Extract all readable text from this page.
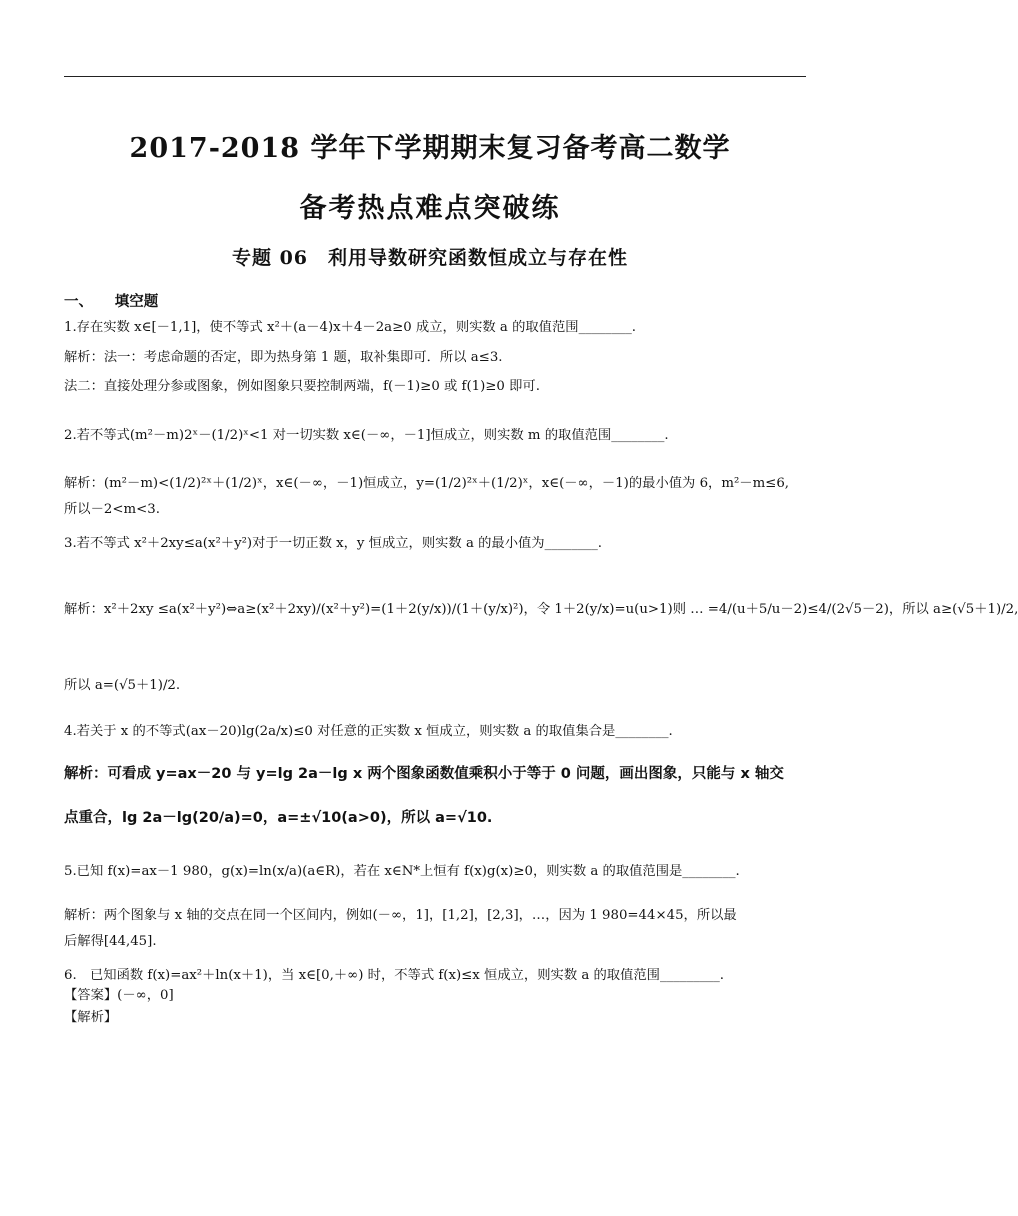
2017-2018 学年下学期期末复习备考高二数学
备考热点难点突破练
专题 06　利用导数研究函数恒成立与存在性
一、　　填空题
1.存在实数 x∈[－1,1]，使不等式 x²＋(a－4)x＋4－2a≥0 成立，则实数 a 的取值范围________.
解析：法一：考虑命题的否定，即为热身第 1 题，取补集即可．所以 a≤3.
法二：直接处理分参或图象，例如图象只要控制两端，f(－1)≥0 或 f(1)≥0 即可.
2.若不等式(m²－m)2ˣ－(1/2)ˣ<1 对一切实数 x∈(－∞，－1]恒成立，则实数 m 的取值范围________.
解析：(m²－m)<(1/2)²ˣ＋(1/2)ˣ，x∈(－∞，－1)恒成立，y=(1/2)²ˣ＋(1/2)ˣ，x∈(－∞，－1)的最小值为 6，m²－m≤6,
所以－2<m<3.
3.若不等式 x²＋2xy≤a(x²＋y²)对于一切正数 x，y 恒成立，则实数 a 的最小值为________.
解析：x²＋2xy ≤a(x²＋y²)⇔a≥(x²＋2xy)/(x²＋y²)=(1＋2(y/x))/(1＋(y/x)²)，令 1＋2(y/x)=u(u>1)则 … =4/(u＋5/u－2)≤4/(2√5－2)，所以 a≥(√5＋1)/2,
所以 a=(√5＋1)/2.
4.若关于 x 的不等式(ax－20)lg(2a/x)≤0 对任意的正实数 x 恒成立，则实数 a 的取值集合是________.
5.已知 f(x)=ax－1 980，g(x)=ln(x/a)(a∈R)，若在 x∈N*上恒有 f(x)g(x)≥0，则实数 a 的取值范围是________.
解析：两个图象与 x 轴的交点在同一个区间内，例如(－∞，1]，[1,2]，[2,3]，…，因为 1 980=44×45，所以最
后解得[44,45].
6.　已知函数 f(x)=ax²＋ln(x＋1)，当 x∈[0,＋∞) 时，不等式 f(x)≤x 恒成立，则实数 a 的取值范围_________.
【答案】(－∞，0]
【解析】
解析：可看成 y=ax－20 与 y=lg 2a－lg x 两个图象函数值乘积小于等于 0 问题，画出图象，只能与 x 轴交
点重合，lg 2a－lg(20/a)=0，a=±√10(a>0)，所以 a=√10.
